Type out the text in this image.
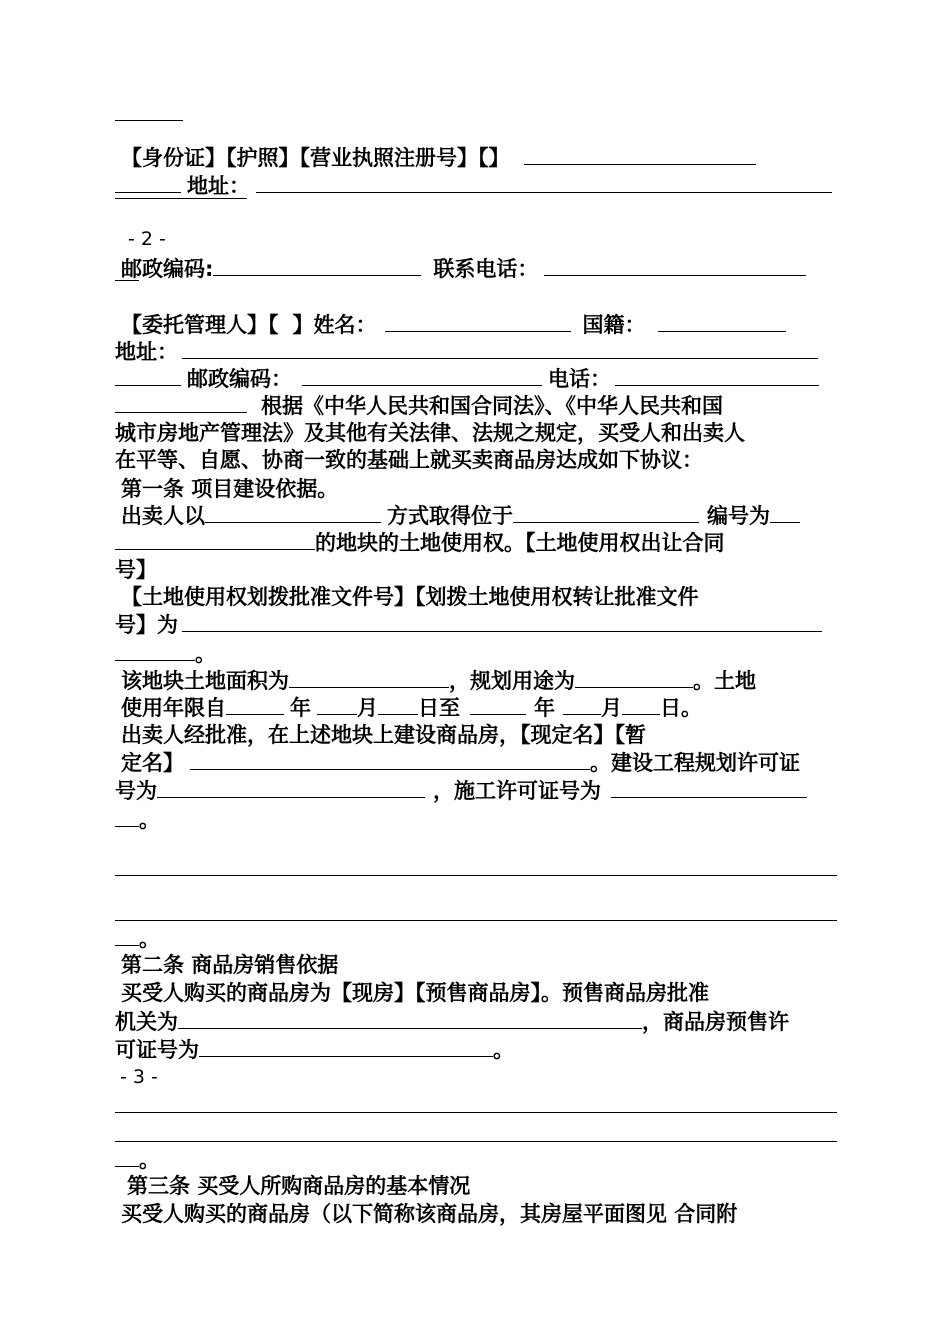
【身份证】【护照】【营业执照注册号】【】
地址：
- 2 -
邮政编码:	联系电话：
【委托管理人】【 】姓名：	国籍：
地址：
邮政编码：	电话：
根据《中华人民共和国合同法》、《中华人民共和国
城市房地产管理法》及其他有关法律、法规之规定，买受人和出卖人
在平等、自愿、协商一致的基础上就买卖商品房达成如下协议：
第一条 项目建设依据。
出卖人以	方式取得位于	编号为
的地块的土地使用权。【土地使用权出让合同
号】
【土地使用权划拨批准文件号】【划拨土地使用权转让批准文件
号】为
。
该地块土地面积为	，规划用途为	。土地
使用年限自	年 月 日至	年 月 日。
出卖人经批准，在上述地块上建设商品房，【现定名】【暂
定名】	。建设工程规划许可证
号为	，施工许可证号为
。
。
第二条 商品房销售依据
买受人购买的商品房为【现房】【预售商品房】。预售商品房批准
机关为	，商品房预售许
可证号为	。
- 3 -
。
第三条 买受人所购商品房的基本情况
买受人购买的商品房（以下简称该商品房，其房屋平面图见 合同附
